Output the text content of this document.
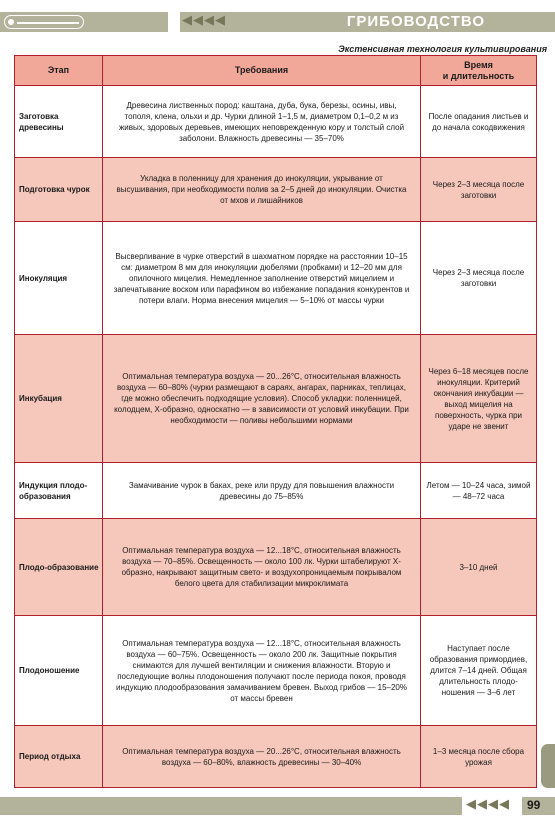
◀◀◀◀	ГРИБОВОДСТВО
Экстенсивная технология культивирования
Этап	Требования	Время
и длительность
Заготовка древесины	Древесина лиственных пород: каштана, дуба, бука, березы, осины, ивы, тополя, клена, ольхи и др. Чурки длиной 1–1,5 м, диаметром 0,1–0,2 м из живых, здоровых деревьев, имеющих неповрежденную кору и толстый слой заболони. Влажность древесины — 35–70%	После опадания листьев и до начала сокодвижения
Подготовка чурок	Укладка в поленницу для хранения до инокуляции, укрывание от высушивания, при необходимости полив за 2–5 дней до инокуляции. Очистка от мхов и лишайников	Через 2–3 месяца после заготовки
Инокуляция	Высверливание в чурке отверстий в шахматном порядке на расстоянии 10–15 см: диаметром 8 мм для инокуляции дюбелями (пробками) и 12–20 мм для опилочного мицелия. Немедленное заполнение отверстий мицелием и запечатывание воском или парафином во избежание попадания конкурентов и потери влаги. Норма внесения мицелия — 5–10% от массы чурки	Через 2–3 месяца после заготовки
Инкубация	Оптимальная температура воздуха — 20...26°C, относительная влажность воздуха — 60–80% (чурки размещают в сараях, ангарах, парниках, теплицах, где можно обеспечить подходящие условия). Способ укладки: поленницей, колодцем, X-образно, односкатно — в зависимости от условий инкубации. При необходимости — поливы небольшими нормами	Через 6–18 месяцев после инокуляции. Критерий окончания инкубации — выход мицелия на поверхность, чурка при ударе не звенит
Индукция плодо-образования	Замачивание чурок в баках, реке или пруду для повышения влажности древесины до 75–85%	Летом — 10–24 часа, зимой — 48–72 часа
Плодо-образование	Оптимальная температура воздуха — 12...18°C, относительная влажность воздуха — 70–85%. Освещенность — около 100 лк. Чурки штабелируют X-образно, накрывают защитным свето- и воздухопроницаемым покрывалом белого цвета для стабилизации микроклимата	3–10 дней
Плодоношение	Оптимальная температура воздуха — 12...18°C, относительная влажность воздуха — 60–75%. Освещенность — около 200 лк. Защитные покрытия снимаются для лучшей вентиляции и снижения влажности. Вторую и последующие волны плодоношения получают после периода покоя, проводя индукцию плодообразования замачиванием бревен. Выход грибов — 15–20% от массы бревен	Наступает после образования примордиев, длится 7–14 дней. Общая длительность плодо-ношения — 3–6 лет
Период отдыха	Оптимальная температура воздуха — 20...26°C, относительная влажность воздуха — 60–80%, влажность древесины — 30–40%	1–3 месяца после сбора урожая
◀◀◀◀ 99
